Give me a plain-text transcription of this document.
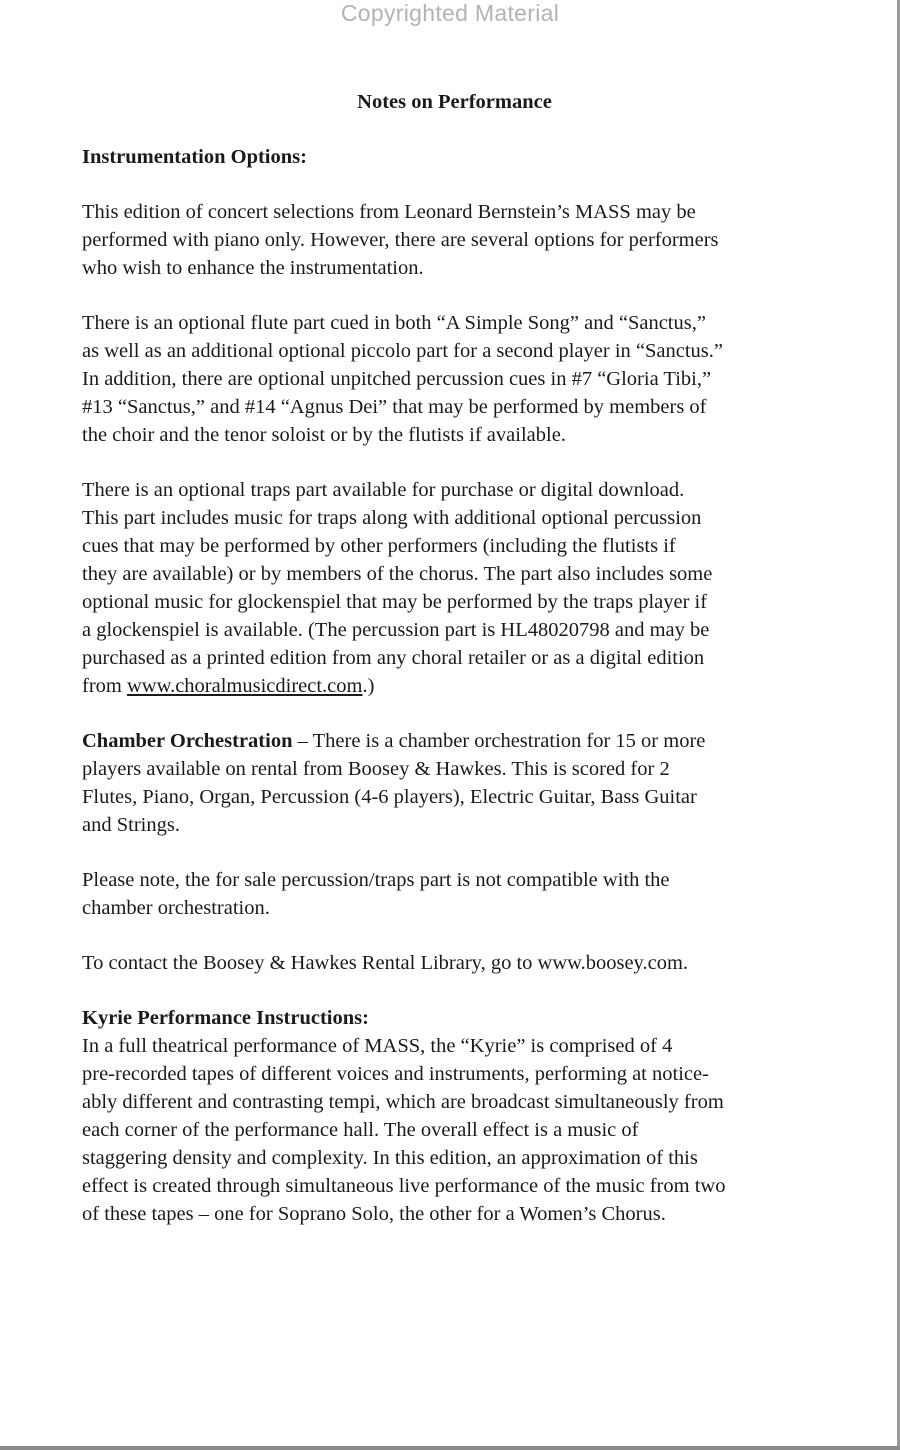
Copyrighted Material
Notes on Performance

Instrumentation Options:

This edition of concert selections from Leonard Bernstein’s MASS may be
performed with piano only. However, there are several options for performers
who wish to enhance the instrumentation.

There is an optional flute part cued in both “A Simple Song” and “Sanctus,”
as well as an additional optional piccolo part for a second player in “Sanctus.”
In addition, there are optional unpitched percussion cues in #7 “Gloria Tibi,”
#13 “Sanctus,” and #14 “Agnus Dei” that may be performed by members of
the choir and the tenor soloist or by the flutists if available.

There is an optional traps part available for purchase or digital download.
This part includes music for traps along with additional optional percussion
cues that may be performed by other performers (including the flutists if
they are available) or by members of the chorus. The part also includes some
optional music for glockenspiel that may be performed by the traps player if
a glockenspiel is available. (The percussion part is HL48020798 and may be
purchased as a printed edition from any choral retailer or as a digital edition
from www.choralmusicdirect.com.)

Chamber Orchestration – There is a chamber orchestration for 15 or more
players available on rental from Boosey & Hawkes. This is scored for 2
Flutes, Piano, Organ, Percussion (4-6 players), Electric Guitar, Bass Guitar
and Strings.

Please note, the for sale percussion/traps part is not compatible with the
chamber orchestration.

To contact the Boosey & Hawkes Rental Library, go to www.boosey.com.

Kyrie Performance Instructions:

In a full theatrical performance of MASS, the “Kyrie” is comprised of 4
pre-recorded tapes of different voices and instruments, performing at notice-
ably different and contrasting tempi, which are broadcast simultaneously from
each corner of the performance hall. The overall effect is a music of
staggering density and complexity. In this edition, an approximation of this
effect is created through simultaneous live performance of the music from two
of these tapes – one for Soprano Solo, the other for a Women’s Chorus.
